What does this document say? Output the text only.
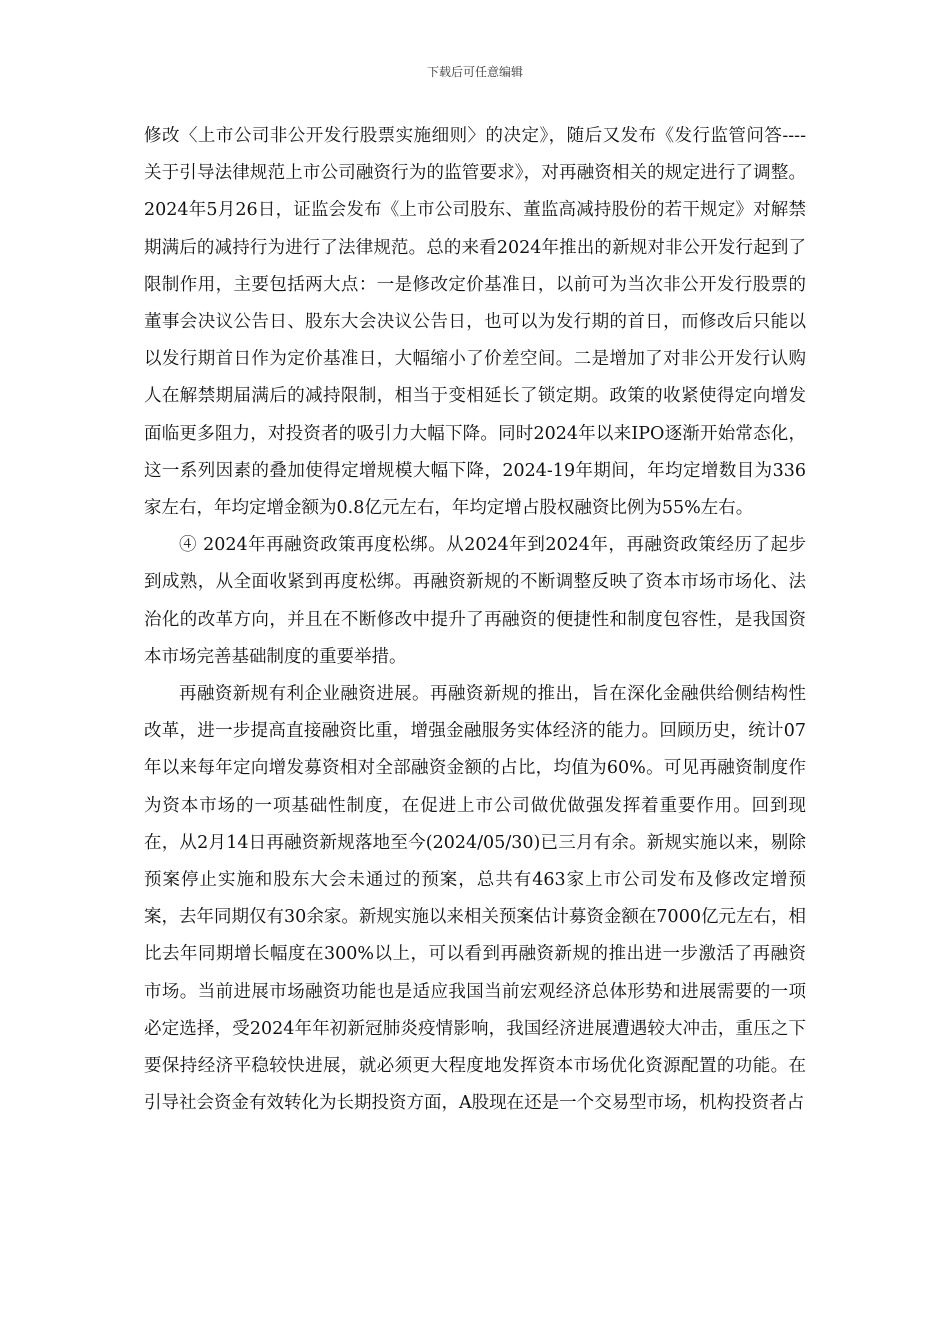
下载后可任意编辑

修改〈上市公司非公开发行股票实施细则〉的决定》，随后又发布《发行监管问答----关于引导法律规范上市公司融资行为的监管要求》，对再融资相关的规定进行了调整。2024年5月26日，证监会发布《上市公司股东、董监高减持股份的若干规定》对解禁期满后的减持行为进行了法律规范。总的来看2024年推出的新规对非公开发行起到了限制作用，主要包括两大点：一是修改定价基准日，以前可为当次非公开发行股票的董事会决议公告日、股东大会决议公告日，也可以为发行期的首日，而修改后只能以以发行期首日作为定价基准日，大幅缩小了价差空间。二是增加了对非公开发行认购人在解禁期届满后的减持限制，相当于变相延长了锁定期。政策的收紧使得定向增发面临更多阻力，对投资者的吸引力大幅下降。同时2024年以来IPO逐渐开始常态化，这一系列因素的叠加使得定增规模大幅下降，2024-19年期间，年均定增数目为336家左右，年均定增金额为0.8亿元左右，年均定增占股权融资比例为55%左右。

④ 2024年再融资政策再度松绑。从2024年到2024年，再融资政策经历了起步到成熟，从全面收紧到再度松绑。再融资新规的不断调整反映了资本市场市场化、法治化的改革方向，并且在不断修改中提升了再融资的便捷性和制度包容性，是我国资本市场完善基础制度的重要举措。

再融资新规有利企业融资进展。再融资新规的推出，旨在深化金融供给侧结构性改革，进一步提高直接融资比重，增强金融服务实体经济的能力。回顾历史，统计07年以来每年定向增发募资相对全部融资金额的占比，均值为60%。可见再融资制度作为资本市场的一项基础性制度，在促进上市公司做优做强发挥着重要作用。回到现在，从2月14日再融资新规落地至今(2024/05/30)已三月有余。新规实施以来，剔除预案停止实施和股东大会未通过的预案，总共有463家上市公司发布及修改定增预案，去年同期仅有30余家。新规实施以来相关预案估计募资金额在7000亿元左右，相比去年同期增长幅度在300%以上，可以看到再融资新规的推出进一步激活了再融资市场。当前进展市场融资功能也是适应我国当前宏观经济总体形势和进展需要的一项必定选择，受2024年年初新冠肺炎疫情影响，我国经济进展遭遇较大冲击，重压之下要保持经济平稳较快进展，就必须更大程度地发挥资本市场优化资源配置的功能。在引导社会资金有效转化为长期投资方面，A股现在还是一个交易型市场，机构投资者占
